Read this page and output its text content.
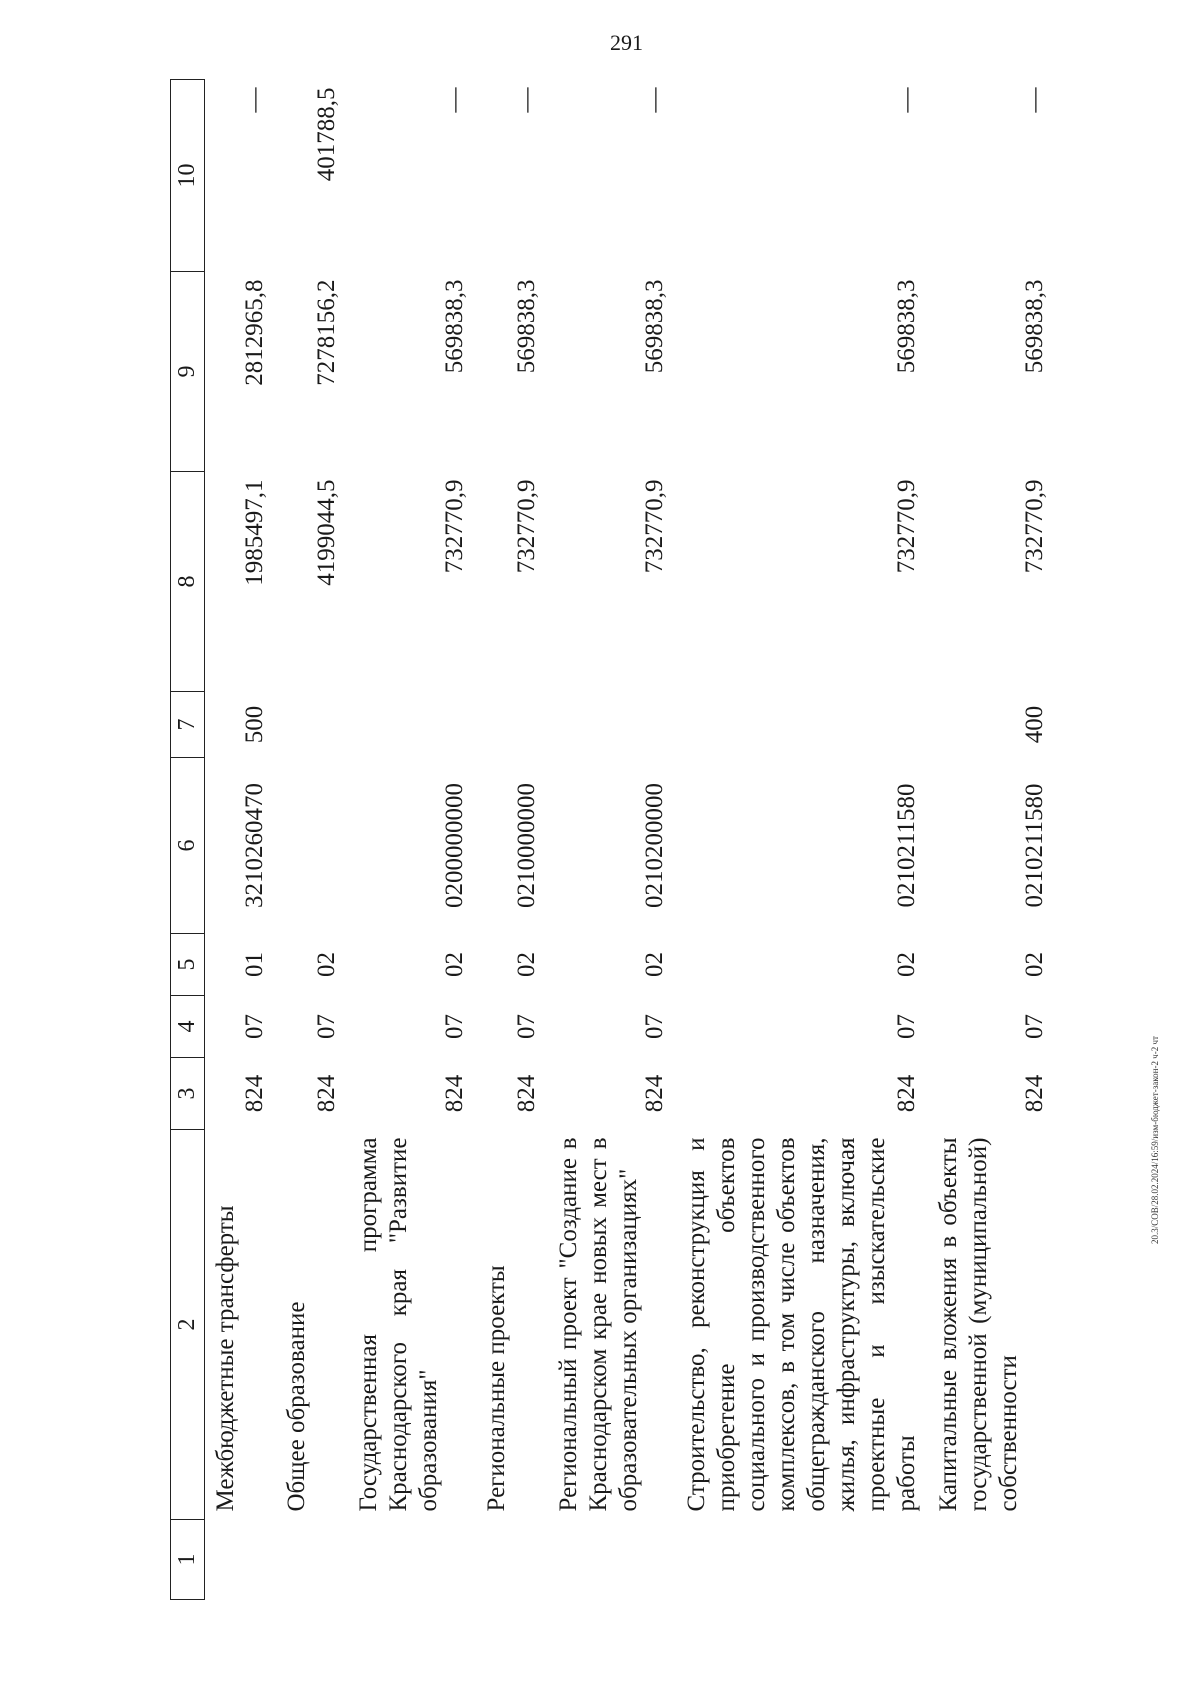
291
1	2	3	4	5	6	7	8	9	10
	Межбюджетные трансферты	824	07	01	3210260470	500	1985497,1	2812965,8	—
	Общее образование	824	07	02			4199044,5	7278156,2	401788,5
	Государственная программа Краснодарского края "Развитие образования"	824	07	02	0200000000		732770,9	569838,3	—
	Региональные проекты	824	07	02	0210000000		732770,9	569838,3	—
	Региональный проект "Создание в Краснодарском крае новых мест в образовательных организациях"	824	07	02	0210200000		732770,9	569838,3	—
	Строительство, реконструкция и приобретение объектов социального и производственного комплексов, в том числе объектов общегражданского назначения, жилья, инфраструктуры, включая проектные и изыскательские работы	824	07	02	0210211580		732770,9	569838,3	—
	Капитальные вложения в объекты государственной (муниципальной) собственности	824	07	02	0210211580	400	732770,9	569838,3	—
20.3/СОВ/28.02.2024/16:59/изм-бюджет-закон-2 ч-2 чт
